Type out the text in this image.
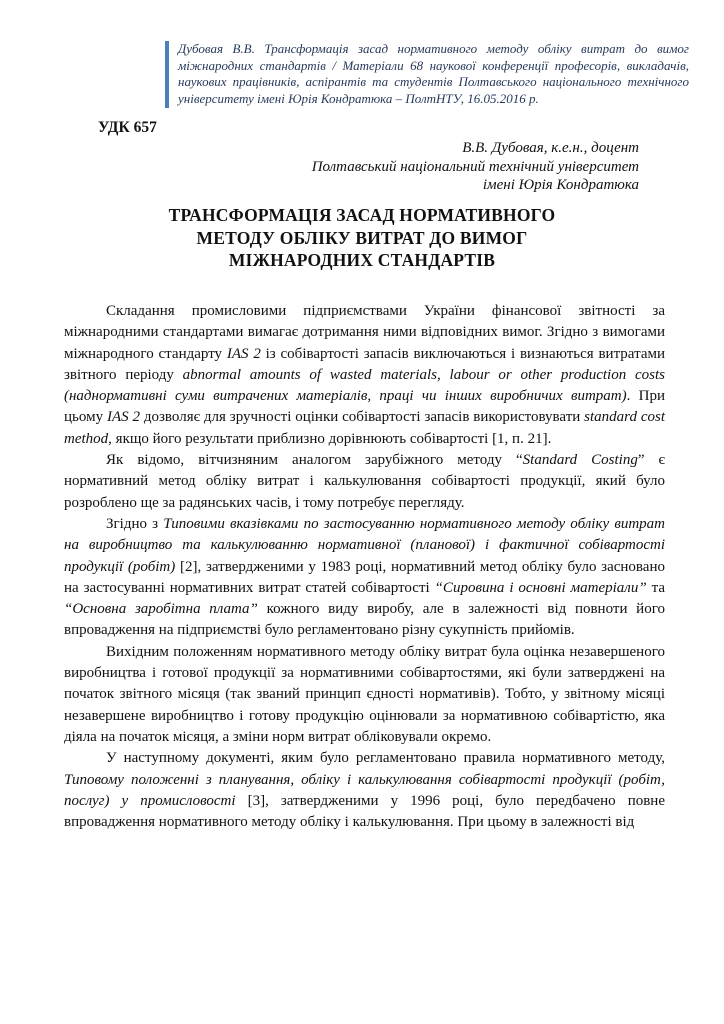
Дубовая В.В. Трансформація засад нормативного методу обліку витрат до вимог міжнародних стандартів / Матеріали 68 наукової конференції професорів, викладачів, наукових працівників, аспірантів та студентів Полтавського національного технічного університету імені Юрія Кондратюка – ПолтНТУ, 16.05.2016 р.
УДК 657
В.В. Дубовая, к.е.н., доцент
Полтавський національний технічний університет
імені Юрія Кондратюка
ТРАНСФОРМАЦІЯ ЗАСАД НОРМАТИВНОГО
МЕТОДУ ОБЛІКУ ВИТРАТ ДО ВИМОГ
МІЖНАРОДНИХ СТАНДАРТІВ

Складання промисловими підприємствами України фінансової звітності за міжнародними стандартами вимагає дотримання ними відповідних вимог. Згідно з вимогами міжнародного стандарту IAS 2 із собівартості запасів виключаються і визнаються витратами звітного періоду abnormal amounts of wasted materials, labour or other production costs (наднормативні суми витрачених матеріалів, праці чи інших виробничих витрат). При цьому IAS 2 дозволяє для зручності оцінки собівартості запасів використовувати standard cost method, якщо його результати приблизно дорівнюють собівартості [1, п. 21].

Як відомо, вітчизняним аналогом зарубіжного методу “Standard Costing” є нормативний метод обліку витрат і калькулювання собівартості продукції, який було розроблено ще за радянських часів, і тому потребує перегляду.

Згідно з Типовими вказівками по застосуванню нормативного методу обліку витрат на виробництво та калькулюванню нормативної (планової) і фактичної собівартості продукції (робіт) [2], затвердженими у 1983 році, нормативний метод обліку було засновано на застосуванні нормативних витрат статей собівартості “Сировина і основні матеріали” та “Основна заробітна плата” кожного виду виробу, але в залежності від повноти його впровадження на підприємстві було регламентовано різну сукупність прийомів.

Вихідним положенням нормативного методу обліку витрат була оцінка незавершеного виробництва і готової продукції за нормативними собівартостями, які були затверджені на початок звітного місяця (так званий принцип єдності нормативів). Тобто, у звітному місяці незавершене виробництво і готову продукцію оцінювали за нормативною собівартістю, яка діяла на початок місяця, а зміни норм витрат обліковували окремо.

У наступному документі, яким було регламентовано правила нормативного методу, Типовому положенні з планування, обліку і калькулювання собівартості продукції (робіт, послуг) у промисловості [3], затвердженими у 1996 році, було передбачено повне впровадження нормативного методу обліку і калькулювання. При цьому в залежності від
